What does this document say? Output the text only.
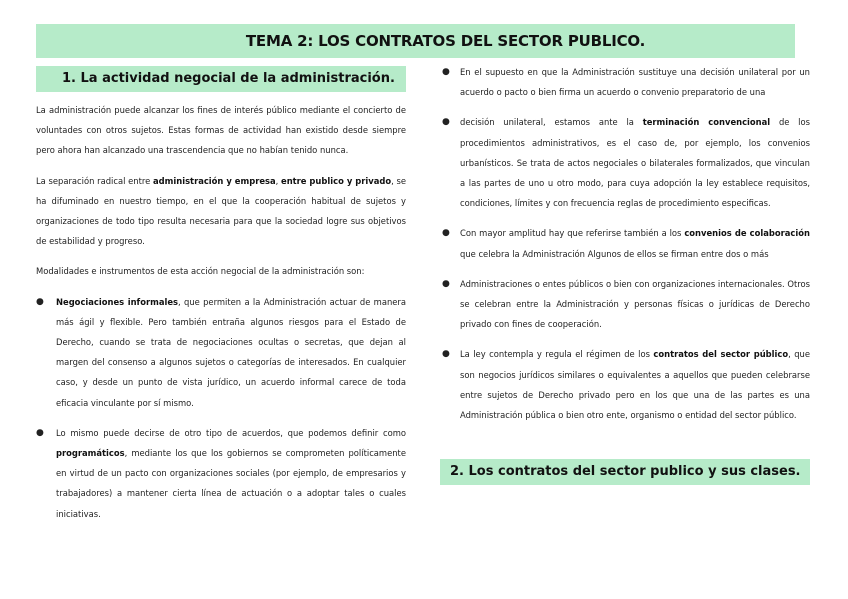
TEMA 2: LOS CONTRATOS DEL SECTOR PUBLICO.
1. La actividad negocial de la administración.

La administración puede alcanzar los fines de interés público mediante el concierto de voluntades con otros sujetos. Estas formas de actividad han existido desde siempre pero ahora han alcanzado una trascendencia que no habían tenido nunca.

La separación radical entre administración y empresa, entre publico y privado, se ha difuminado en nuestro tiempo, en el que la cooperación habitual de sujetos y organizaciones de todo tipo resulta necesaria para que la sociedad logre sus objetivos de estabilidad y progreso.

Modalidades e instrumentos de esta acción negocial de la administración son:

● Negociaciones informales, que permiten a la Administración actuar de manera más ágil y flexible. Pero también entraña algunos riesgos para el Estado de Derecho, cuando se trata de negociaciones ocultas o secretas, que dejan al margen del consenso a algunos sujetos o categorías de interesados. En cualquier caso, y desde un punto de vista jurídico, un acuerdo informal carece de toda eficacia vinculante por sí mismo.
● Lo mismo puede decirse de otro tipo de acuerdos, que podemos definir como programáticos, mediante los que los gobiernos se comprometen políticamente en virtud de un pacto con organizaciones sociales (por ejemplo, de empresarios y trabajadores) a mantener cierta línea de actuación o a adoptar tales o cuales iniciativas.
● En el supuesto en que la Administración sustituye una decisión unilateral por un acuerdo o pacto o bien firma un acuerdo o convenio preparatorio de una
● decisión unilateral, estamos ante la terminación convencional de los procedimientos administrativos, es el caso de, por ejemplo, los convenios urbanísticos. Se trata de actos negociales o bilaterales formalizados, que vinculan a las partes de uno u otro modo, para cuya adopción la ley establece requisitos, condiciones, límites y con frecuencia reglas de procedimiento especificas.
● Con mayor amplitud hay que referirse también a los convenios de colaboración que celebra la Administración Algunos de ellos se firman entre dos o más
● Administraciones o entes públicos o bien con organizaciones internacionales. Otros se celebran entre la Administración y personas físicas o jurídicas de Derecho privado con fines de cooperación.
● La ley contempla y regula el régimen de los contratos del sector público, que son negocios jurídicos similares o equivalentes a aquellos que pueden celebrarse entre sujetos de Derecho privado pero en los que una de las partes es una Administración pública o bien otro ente, organismo o entidad del sector público.
2. Los contratos del sector publico y sus clases.
